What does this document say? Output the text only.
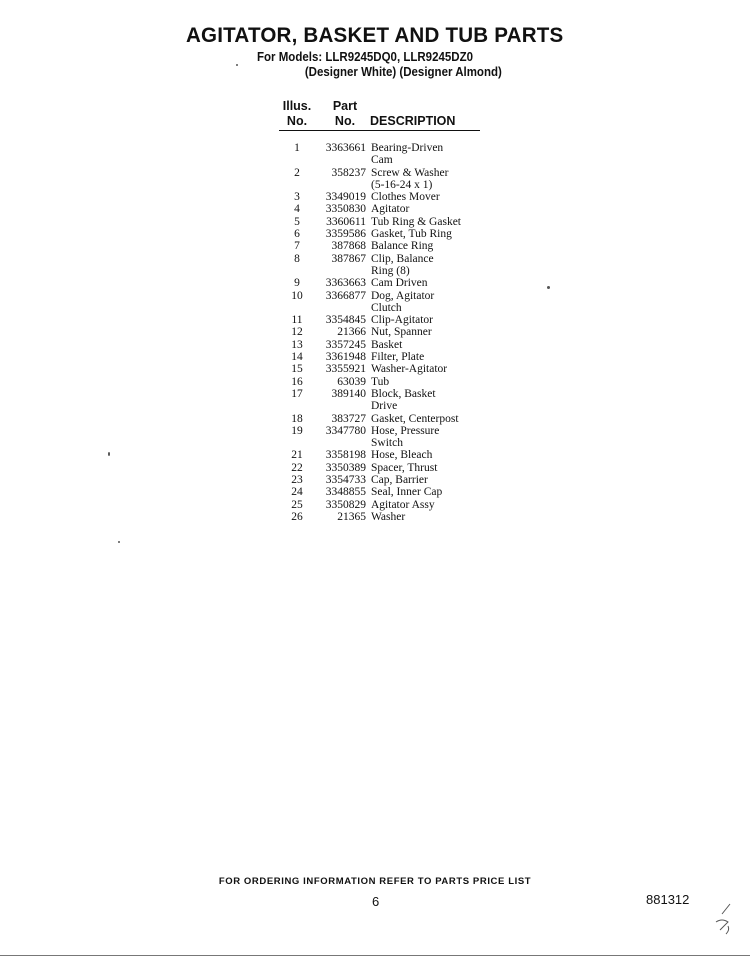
AGITATOR, BASKET AND TUB PARTS
For Models: LLR9245DQ0, LLR9245DZ0
(Designer White) (Designer Almond)
Illus.
No.
Part
No.	DESCRIPTION
1	3363661 Bearing-Driven
Cam
2	358237 Screw & Washer
(5-16-24 x 1)
3	3349019 Clothes Mover
4	3350830 Agitator
5	3360611 Tub Ring & Gasket
6	3359586 Gasket, Tub Ring
7	387868 Balance Ring
8	387867 Clip, Balance
Ring (8)
9	3363663 Cam Driven
10	3366877 Dog, Agitator
Clutch
11	3354845 Clip-Agitator
12	21366 Nut, Spanner
13	3357245 Basket
14	3361948 Filter, Plate
15	3355921 Washer-Agitator
16	63039 Tub
17	389140 Block, Basket
Drive
18	383727 Gasket, Centerpost
19	3347780 Hose, Pressure
Switch
21	3358198 Hose, Bleach
22	3350389 Spacer, Thrust
23	3354733 Cap, Barrier
24	3348855 Seal, Inner Cap
25	3350829 Agitator Assy
26	21365 Washer
FOR ORDERING INFORMATION REFER TO PARTS PRICE LIST
6	881312
